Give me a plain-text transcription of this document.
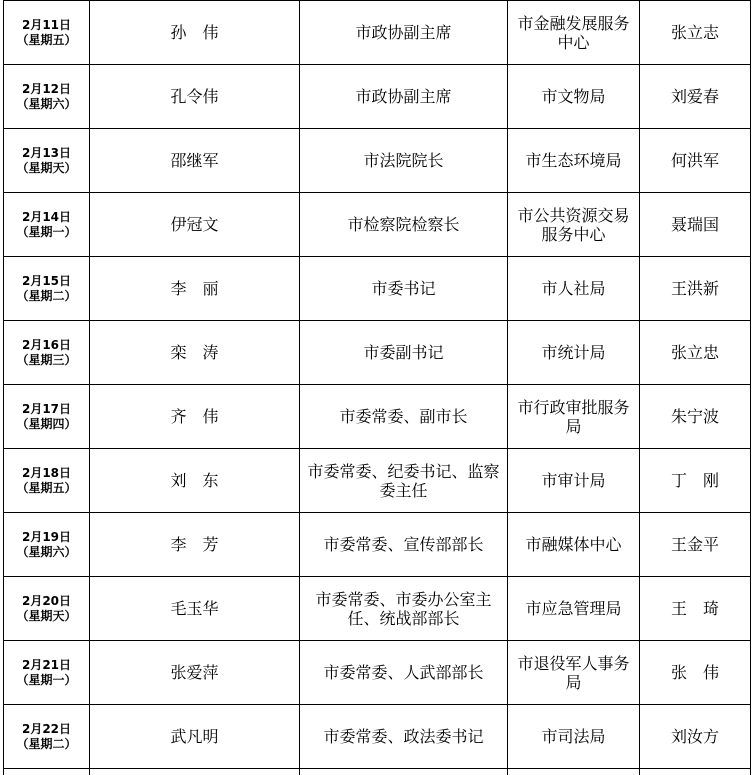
2月11日
（星期五）	孙　伟	市政协副主席	市金融发展服务中心	张立志

2月12日
（星期六）	孔令伟	市政协副主席	市文物局	刘爱春

2月13日
（星期天）	邵继军	市法院院长	市生态环境局	何洪军

2月14日
（星期一）	伊冠文	市检察院检察长	市公共资源交易服务中心	聂瑞国

2月15日
（星期二）	李　丽	市委书记	市人社局	王洪新

2月16日
（星期三）	栾　涛	市委副书记	市统计局	张立忠

2月17日
（星期四）	齐　伟	市委常委、副市长	市行政审批服务局	朱宁波

2月18日
（星期五）	刘　东	市委常委、纪委书记、监察委主任	市审计局	丁　刚

2月19日
（星期六）	李　芳	市委常委、宣传部部长	市融媒体中心	王金平

2月20日
（星期天）	毛玉华	市委常委、市委办公室主任、统战部部长	市应急管理局	王　琦

2月21日
（星期一）	张爱萍	市委常委、人武部部长	市退役军人事务局	张　伟

2月22日
（星期二）	武凡明	市委常委、政法委书记	市司法局	刘汝方
